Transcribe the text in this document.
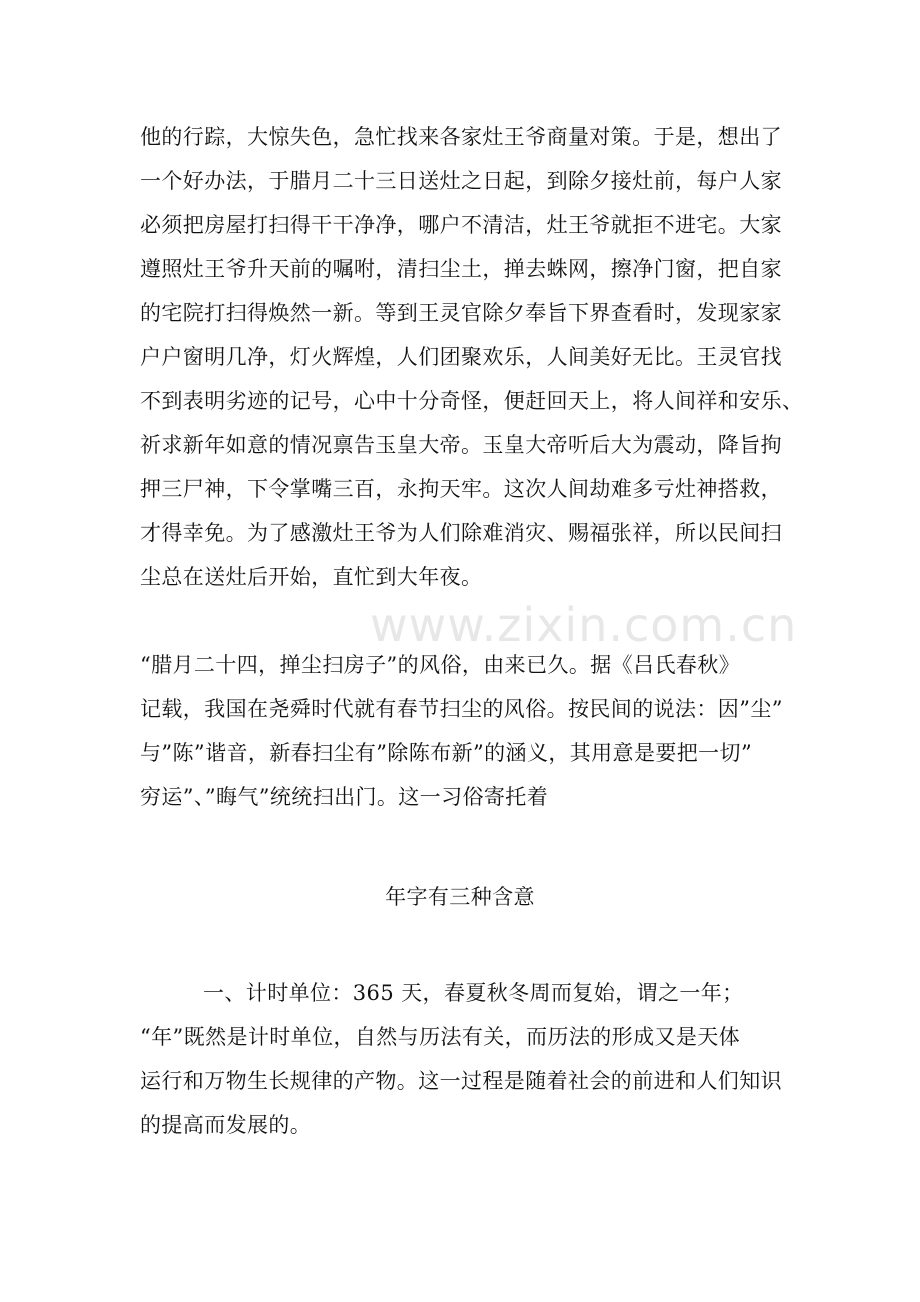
www.zixin.com.cn
他的行踪，大惊失色，急忙找来各家灶王爷商量对策。于是，想出了
一个好办法，于腊月二十三日送灶之日起，到除夕接灶前，每户人家
必须把房屋打扫得干干净净，哪户不清洁，灶王爷就拒不进宅。大家
遵照灶王爷升天前的嘱咐，清扫尘土，掸去蛛网，擦净门窗，把自家
的宅院打扫得焕然一新。等到王灵官除夕奉旨下界查看时，发现家家
户户窗明几净，灯火辉煌，人们团聚欢乐，人间美好无比。王灵官找
不到表明劣迹的记号，心中十分奇怪，便赶回天上，将人间祥和安乐、
祈求新年如意的情况禀告玉皇大帝。玉皇大帝听后大为震动，降旨拘
押三尸神，下令掌嘴三百，永拘天牢。这次人间劫难多亏灶神搭救，
才得幸免。为了感激灶王爷为人们除难消灾、赐福张祥，所以民间扫
尘总在送灶后开始，直忙到大年夜。
“腊月二十四，掸尘扫房子”的风俗，由来已久。据《吕氏春秋》
记载，我国在尧舜时代就有春节扫尘的风俗。按民间的说法：因”尘”
与”陈”谐音，新春扫尘有”除陈布新”的涵义，其用意是要把一切”
穷运”、”晦气”统统扫出门。这一习俗寄托着
年字有三种含意
一、计时单位：365 天，春夏秋冬周而复始，谓之一年；
“年”既然是计时单位，自然与历法有关，而历法的形成又是天体
运行和万物生长规律的产物。这一过程是随着社会的前进和人们知识
的提高而发展的。
